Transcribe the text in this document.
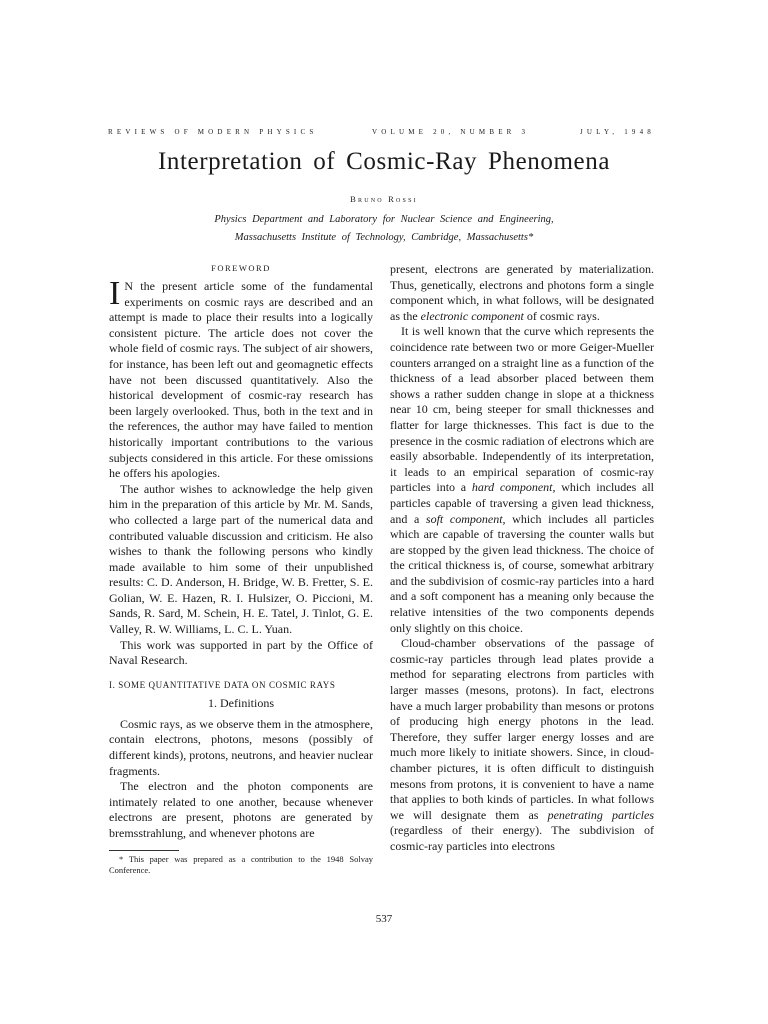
REVIEWS OF MODERN PHYSICS	VOLUME 20, NUMBER 3	JULY, 1948
Interpretation of Cosmic-Ray Phenomena
Bruno Rossi
Physics Department and Laboratory for Nuclear Science and Engineering,
Massachusetts Institute of Technology, Cambridge, Massachusetts*
FOREWORD

I N the present article some of the fundamental experiments on cosmic rays are described and an attempt is made to place their results into a logically consistent picture. The article does not cover the whole field of cosmic rays. The subject of air showers, for instance, has been left out and geomagnetic effects have not been discussed quantitatively. Also the historical development of cosmic-ray research has been largely overlooked. Thus, both in the text and in the references, the author may have failed to mention historically important contributions to the various subjects considered in this article. For these omissions he offers his apologies.

The author wishes to acknowledge the help given him in the preparation of this article by Mr. M. Sands, who collected a large part of the numerical data and contributed valuable discussion and criticism. He also wishes to thank the following persons who kindly made available to him some of their unpublished results: C. D. Anderson, H. Bridge, W. B. Fretter, S. E. Golian, W. E. Hazen, R. I. Hulsizer, O. Piccioni, M. Sands, R. Sard, M. Schein, H. E. Tatel, J. Tinlot, G. E. Valley, R. W. Williams, L. C. L. Yuan.

This work was supported in part by the Office of Naval Research.

I. SOME QUANTITATIVE DATA ON COSMIC RAYS
1. Definitions

Cosmic rays, as we observe them in the atmosphere, contain electrons, photons, mesons (possibly of different kinds), protons, neutrons, and heavier nuclear fragments.

The electron and the photon components are intimately related to one another, because whenever electrons are present, photons are generated by bremsstrahlung, and whenever photons are

* This paper was prepared as a contribution to the 1948 Solvay Conference.

present, electrons are generated by materialization. Thus, genetically, electrons and photons form a single component which, in what follows, will be designated as the electronic component of cosmic rays.

It is well known that the curve which represents the coincidence rate between two or more Geiger-Mueller counters arranged on a straight line as a function of the thickness of a lead absorber placed between them shows a rather sudden change in slope at a thickness near 10 cm, being steeper for small thicknesses and flatter for large thicknesses. This fact is due to the presence in the cosmic radiation of electrons which are easily absorbable. Independently of its interpretation, it leads to an empirical separation of cosmic-ray particles into a hard component, which includes all particles capable of traversing a given lead thickness, and a soft component, which includes all particles which are capable of traversing the counter walls but are stopped by the given lead thickness. The choice of the critical thickness is, of course, somewhat arbitrary and the subdivision of cosmic-ray particles into a hard and a soft component has a meaning only because the relative intensities of the two components depends only slightly on this choice.

Cloud-chamber observations of the passage of cosmic-ray particles through lead plates provide a method for separating electrons from particles with larger masses (mesons, protons). In fact, electrons have a much larger probability than mesons or protons of producing high energy photons in the lead. Therefore, they suffer larger energy losses and are much more likely to initiate showers. Since, in cloud-chamber pictures, it is often difficult to distinguish mesons from protons, it is convenient to have a name that applies to both kinds of particles. In what follows we will designate them as penetrating particles (regardless of their energy). The subdivision of cosmic-ray particles into electrons

537
